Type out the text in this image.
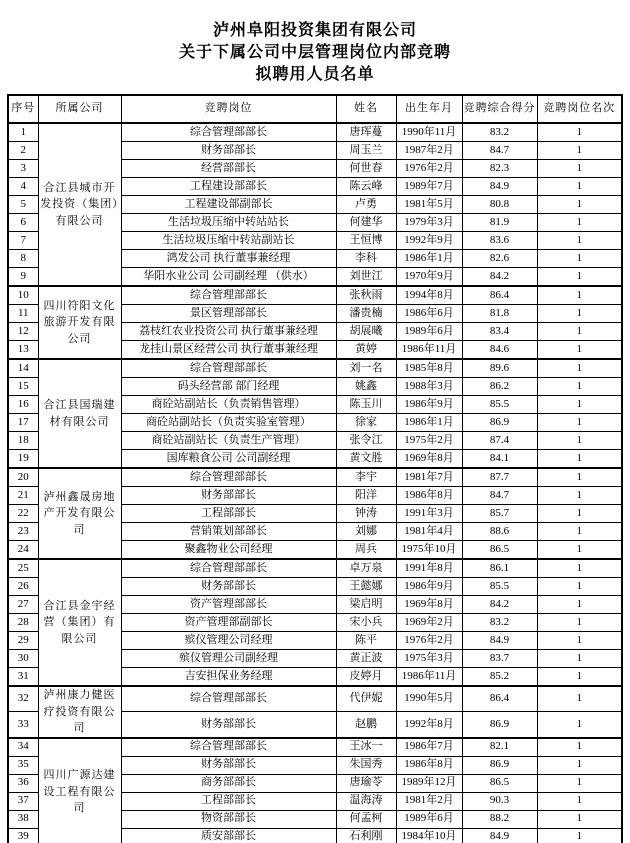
泸州阜阳投资集团有限公司
关于下属公司中层管理岗位内部竞聘
拟聘用人员名单
序号	所属公司	竞聘岗位	姓名	出生年月	竞聘综合得分	竞聘岗位名次
1	合江县城市开发投资（集团）有限公司	综合管理部部长	唐珲蔓	1990年11月	83.2	1
2		财务部部长	周玉兰	1987年2月	84.7	1
3		经营部部长	何世春	1976年2月	82.3	1
4		工程建设部部长	陈云峰	1989年7月	84.9	1
5		工程建设部副部长	卢勇	1981年5月	80.8	1
6		生活垃圾压缩中转站站长	何建华	1979年3月	81.9	1
7		生活垃圾压缩中转站副站长	王恒博	1992年9月	83.6	1
8		鸿发公司 执行董事兼经理	李科	1986年1月	82.6	1
9		华阳水业公司 公司副经理 （供水）	刘世江	1970年9月	84.2	1
10	四川符阳文化旅游开发有限公司	综合管理部部长	张秋雨	1994年8月	86.4	1
11		景区管理部部长	潘贵楠	1986年6月	81.8	1
12		荔枝红农业投资公司 执行董事兼经理	胡展曦	1989年6月	83.4	1
13		龙挂山景区经营公司 执行董事兼经理	黄婷	1986年11月	84.6	1
14	合江县国瑞建材有限公司	综合管理部部长	刘一名	1985年8月	89.6	1
15		码头经营部 部门经理	姚鑫	1988年3月	86.2	1
16		商砼站副站长（负责销售管理）	陈玉川	1986年9月	85.5	1
17		商砼站副站长（负责实验室管理）	徐家	1986年1月	86.9	1
18		商砼站副站长（负责生产管理）	张令江	1975年2月	87.4	1
19		国库粮食公司 公司副经理	黄文胜	1969年8月	84.1	1
20	泸州鑫晟房地产开发有限公司	综合管理部部长	李宇	1981年7月	87.7	1
21		财务部部长	阳洋	1986年8月	84.7	1
22		工程部部长	钟涛	1991年3月	85.7	1
23		营销策划部部长	刘娜	1981年4月	88.6	1
24		聚鑫物业公司经理	周兵	1975年10月	86.5	1
25	合江县金宇经营（集团）有限公司	综合管理部部长	卓万泉	1991年8月	86.1	1
26		财务部部长	王懿娜	1986年9月	85.5	1
27		资产管理部部长	梁启明	1969年8月	84.2	1
28		资产管理部副部长	宋小兵	1969年2月	83.2	1
29		殡仪管理公司经理	陈平	1976年2月	84.9	1
30		殡仪管理公司副经理	黄正波	1975年3月	83.7	1
31		吉安担保业务经理	皮婷月	1986年11月	85.2	1
32	泸州康力健医疗投资有限公司	综合管理部部长	代伊妮	1990年5月	86.4	1
33		财务部部长	赵鹏	1992年8月	86.9	1
34	四川广源达建设工程有限公司	综合管理部部长	王冰一	1986年7月	82.1	1
35		财务部部长	朱国秀	1986年8月	86.9	1
36		商务部部长	唐瑜苓	1989年12月	86.5	1
37		工程部部长	温海涛	1981年2月	90.3	1
38		物资部部长	何孟柯	1989年6月	88.2	1
39		质安部部长	石利刚	1984年10月	84.9	1
